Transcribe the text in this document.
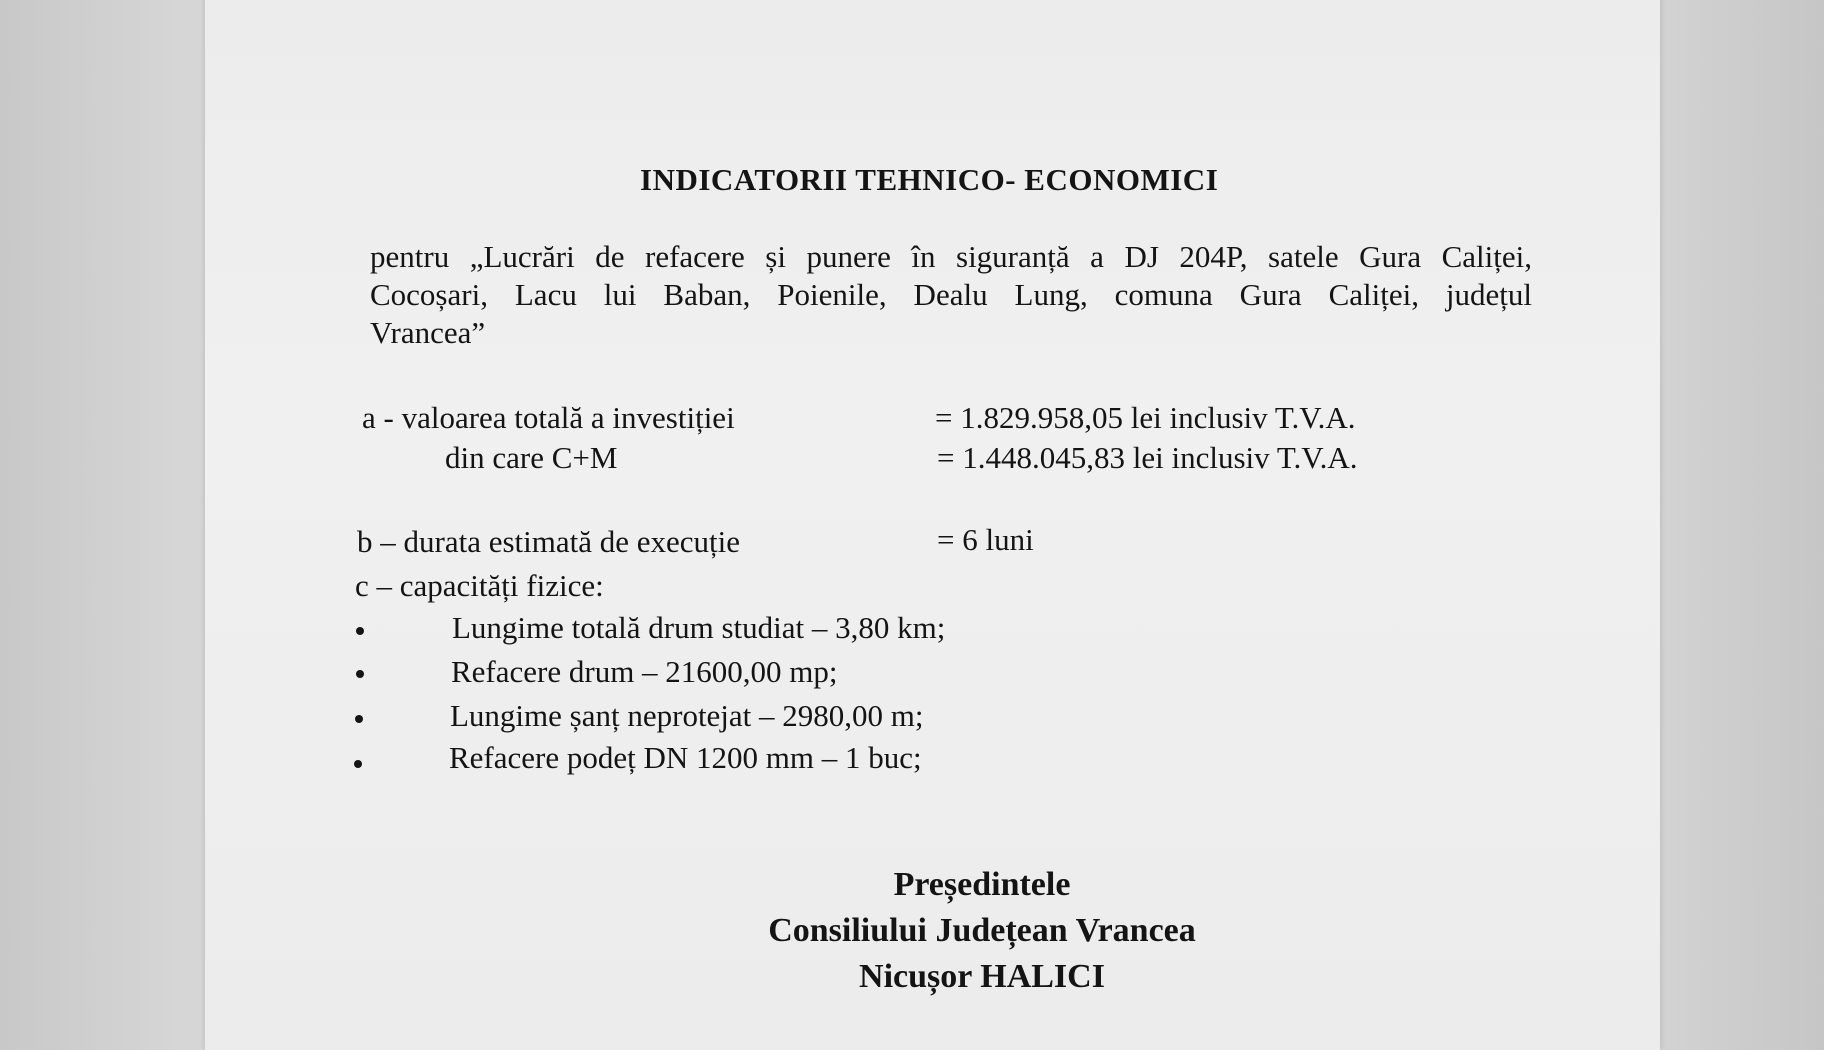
INDICATORII TEHNICO- ECONOMICI
pentru „Lucrări de refacere și punere în siguranță a DJ 204P, satele Gura Caliței,
Cocoșari, Lacu lui Baban, Poienile, Dealu Lung, comuna Gura Caliței, județul
Vrancea”
a - valoarea totală a investiției	= 1.829.958,05 lei inclusiv T.V.A.
din care C+M	= 1.448.045,83 lei inclusiv T.V.A.
b – durata estimată de execuție	= 6 luni
c – capacități fizice:
Lungime totală drum studiat – 3,80 km;
Refacere drum – 21600,00 mp;
Lungime șanț neprotejat – 2980,00 m;
Refacere podeț DN 1200 mm – 1 buc;
Președintele
Consiliului Județean Vrancea
Nicușor HALICI
